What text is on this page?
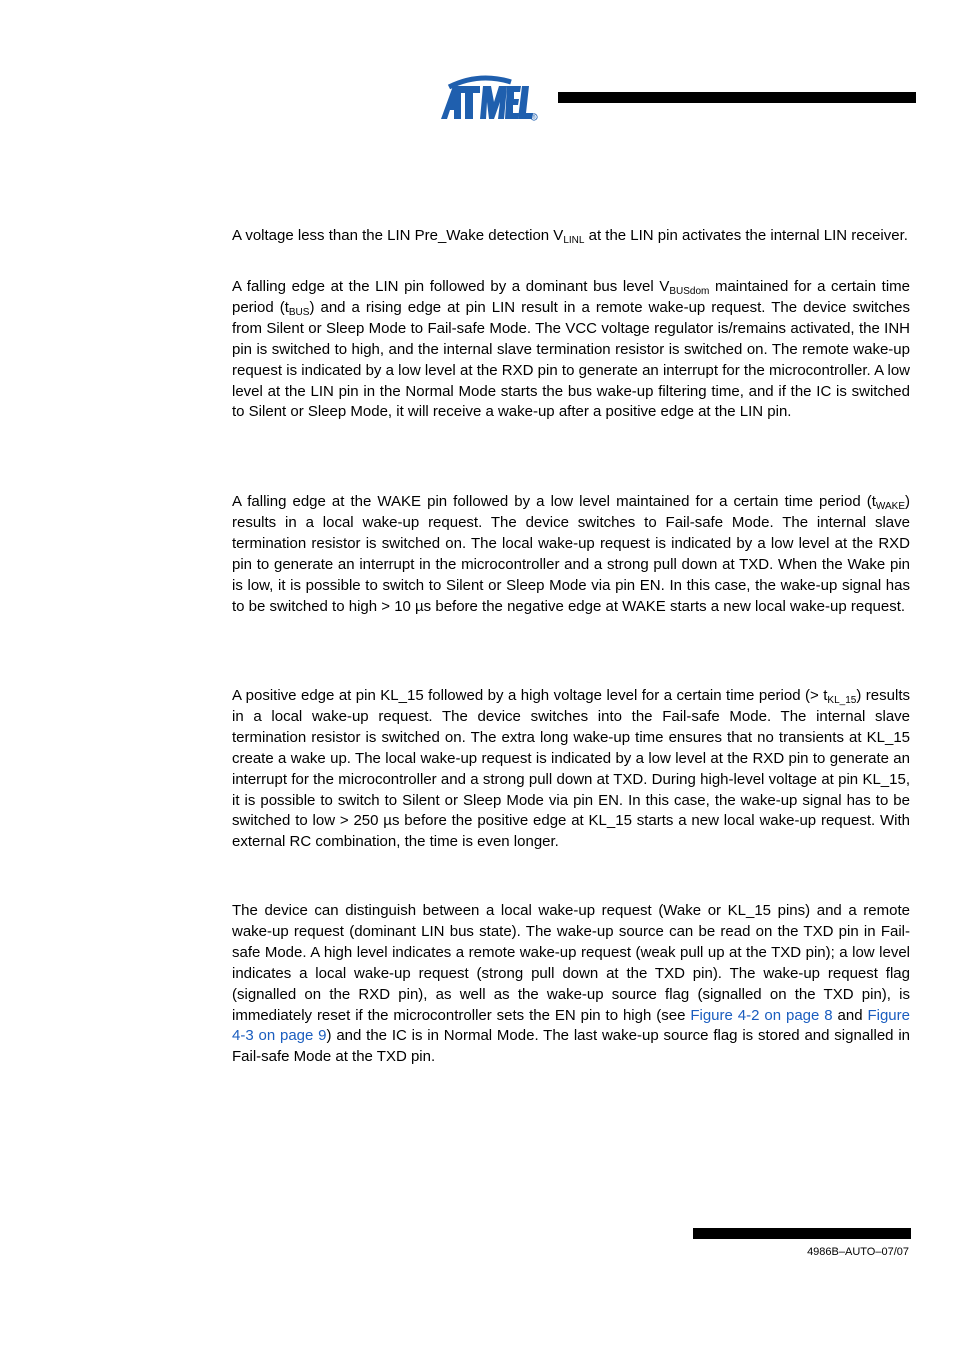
®

A voltage less than the LIN Pre_Wake detection $V_{LINL}$ at the LIN pin activates the internal LIN receiver.

A falling edge at the LIN pin followed by a dominant bus level $V_{BUSdom}$ maintained for a certain time period $(t_{BUS})$ and a rising edge at pin LIN result in a remote wake-up request. The device switches from Silent or Sleep Mode to Fail-safe Mode. The VCC voltage regulator is/remains activated, the INH pin is switched to high, and the internal slave termination resistor is switched on. The remote wake-up request is indicated by a low level at the RXD pin to generate an interrupt for the microcontroller. A low level at the LIN pin in the Normal Mode starts the bus wake-up filtering time, and if the IC is switched to Silent or Sleep Mode, it will receive a wake-up after a positive edge at the LIN pin.

A falling edge at the WAKE pin followed by a low level maintained for a certain time period $(t_{WAKE})$ results in a local wake-up request. The device switches to Fail-safe Mode. The internal slave termination resistor is switched on. The local wake-up request is indicated by a low level at the RXD pin to generate an interrupt in the microcontroller and a strong pull down at TXD. When the Wake pin is low, it is possible to switch to Silent or Sleep Mode via pin EN. In this case, the wake-up signal has to be switched to high > 10 µs before the negative edge at WAKE starts a new local wake-up request.

A positive edge at pin KL_15 followed by a high voltage level for a certain time period (> $t_{KL\_15}$) results in a local wake-up request. The device switches into the Fail-safe Mode. The internal slave termination resistor is switched on. The extra long wake-up time ensures that no transients at KL_15 create a wake up. The local wake-up request is indicated by a low level at the RXD pin to generate an interrupt for the microcontroller and a strong pull down at TXD. During high-level voltage at pin KL_15, it is possible to switch to Silent or Sleep Mode via pin EN. In this case, the wake-up signal has to be switched to low > 250 µs before the positive edge at KL_15 starts a new local wake-up request. With external RC combination, the time is even longer.

The device can distinguish between a local wake-up request (Wake or KL_15 pins) and a remote wake-up request (dominant LIN bus state). The wake-up source can be read on the TXD pin in Fail-safe Mode. A high level indicates a remote wake-up request (weak pull up at the TXD pin); a low level indicates a local wake-up request (strong pull down at the TXD pin). The wake-up request flag (signalled on the RXD pin), as well as the wake-up source flag (signalled on the TXD pin), is immediately reset if the microcontroller sets the EN pin to high (see Figure 4-2 on page 8 and Figure 4-3 on page 9) and the IC is in Normal Mode. The last wake-up source flag is stored and signalled in Fail-safe Mode at the TXD pin.

4986B–AUTO–07/07
